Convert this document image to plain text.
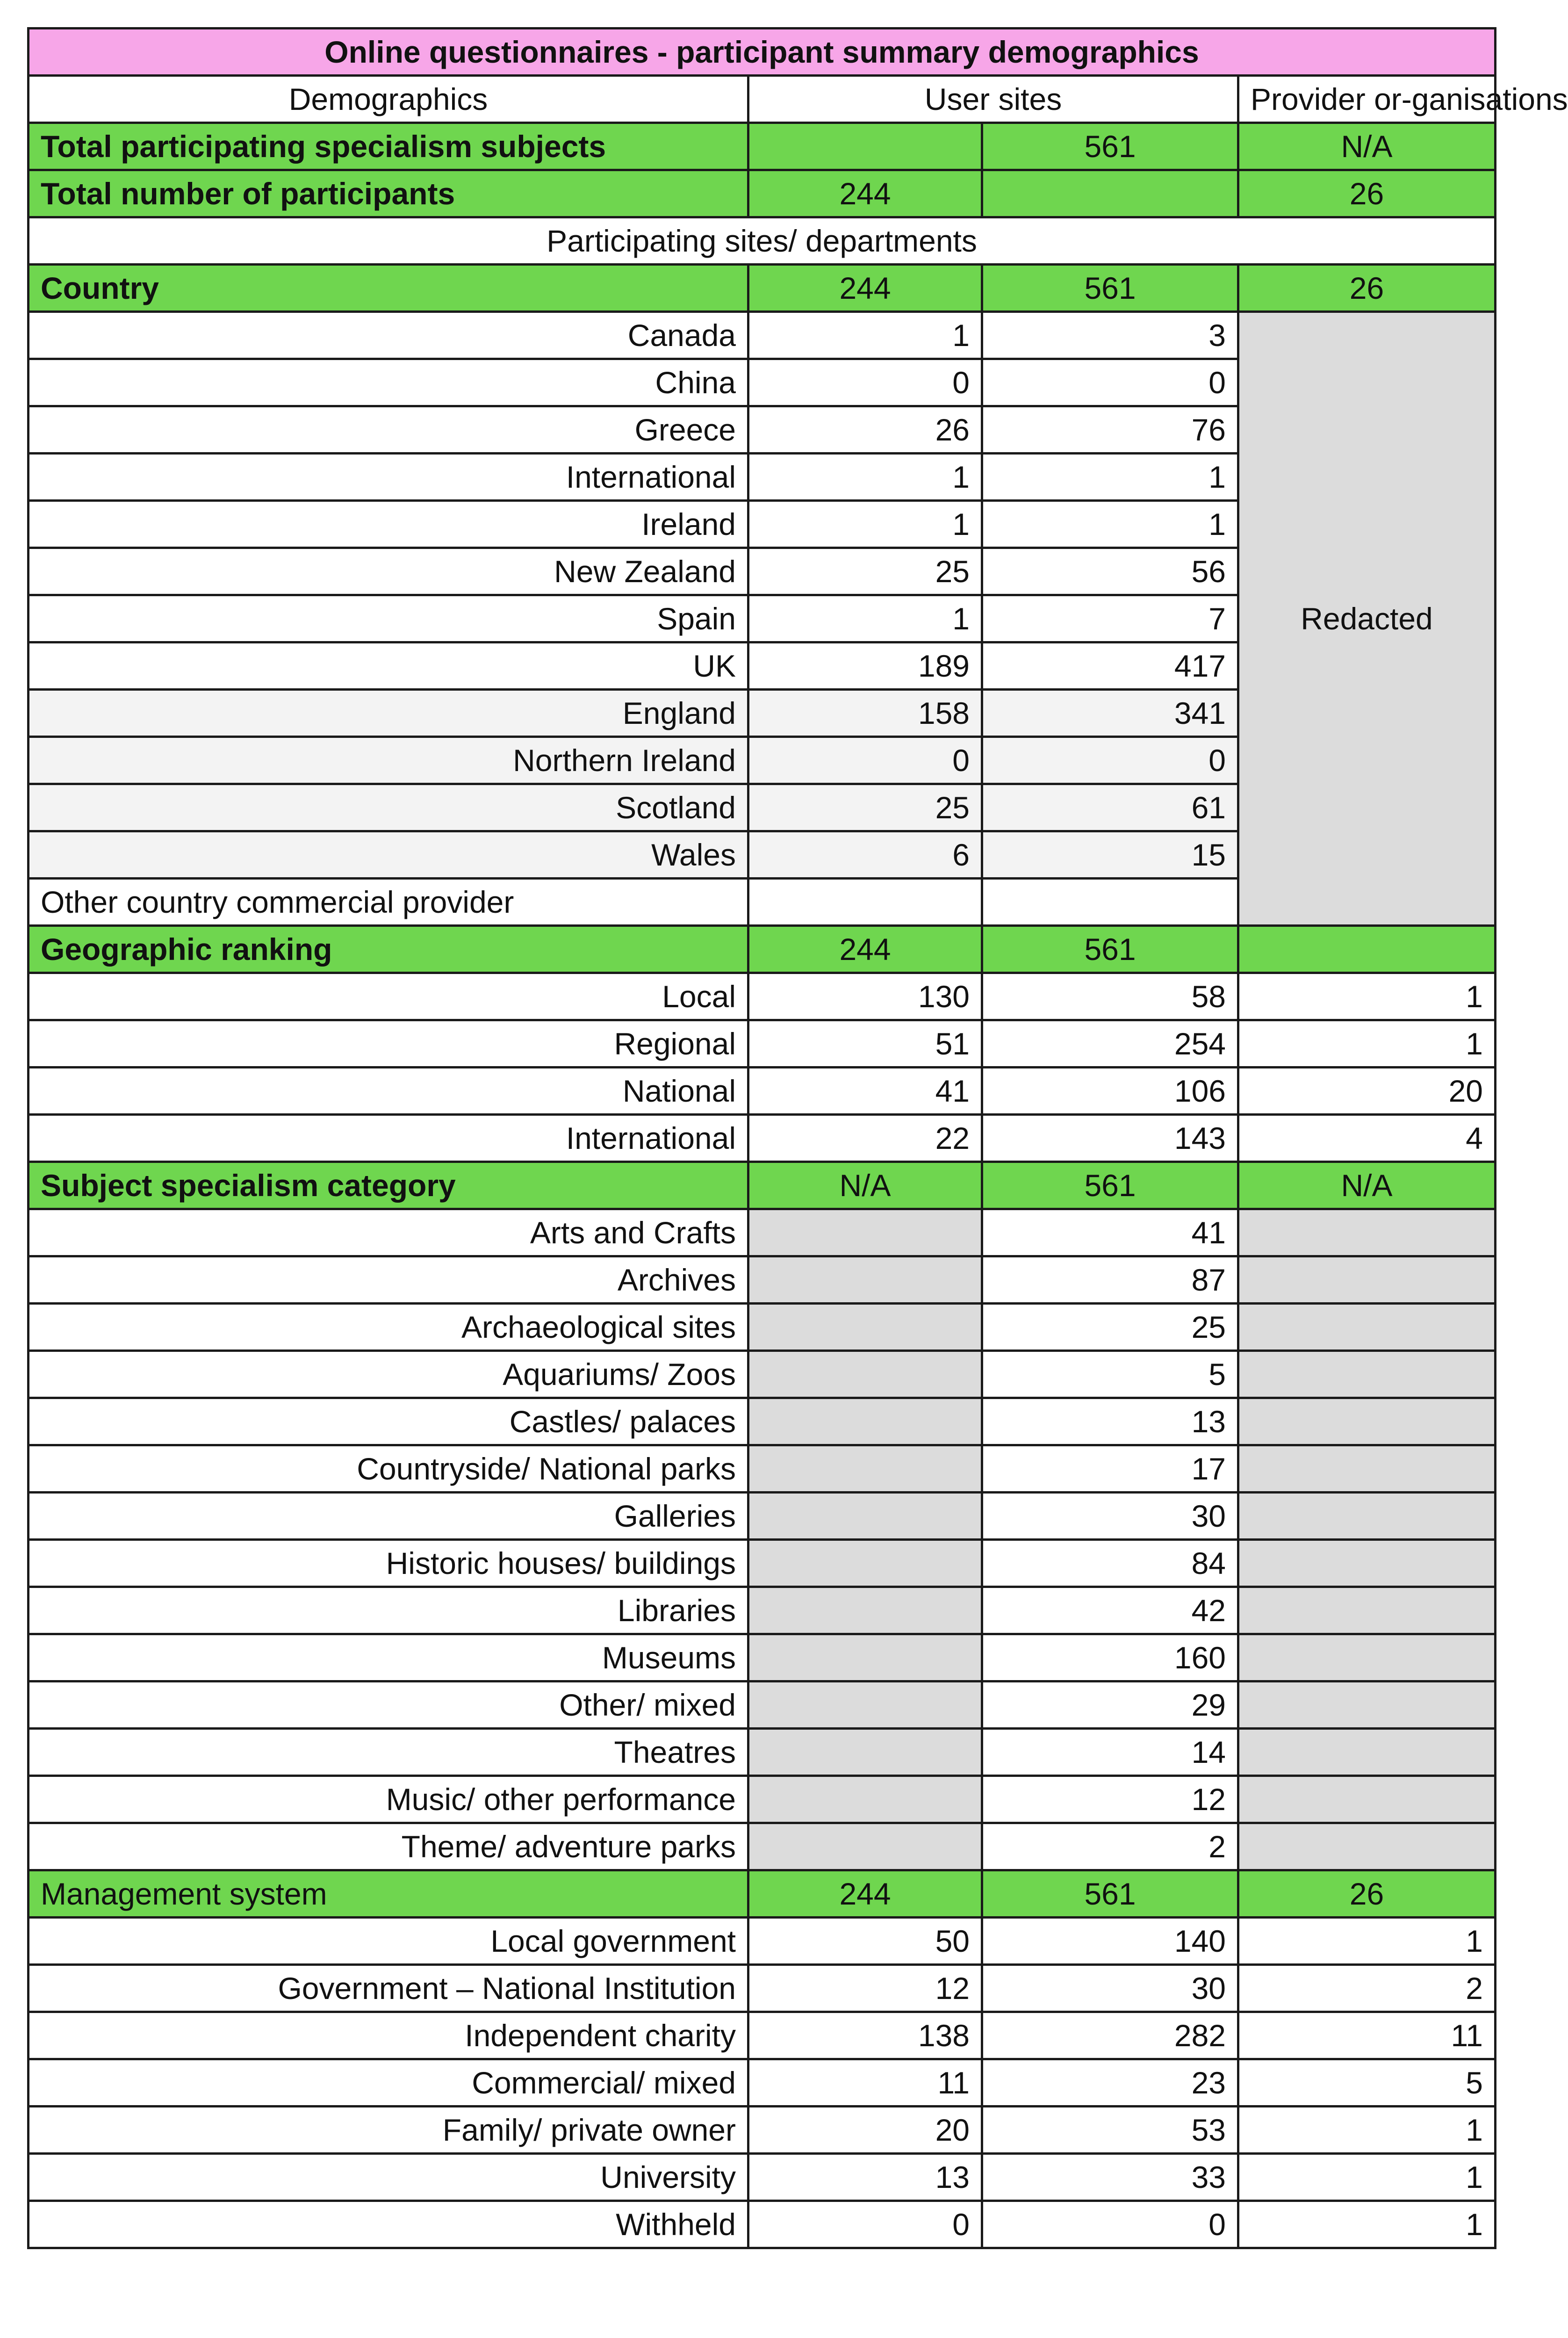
Online questionnaires - participant summary demographics			
Demographics	User sites		Provider or-ganisations
Total participating specialism subjects		561	N/A
Total number of participants	244		26
Participating sites/ departments			
Country	244	561	26
Canada	1	3	Redacted
China	0	0	
Greece	26	76	
International	1	1	
Ireland	1	1	
New Zealand	25	56	
Spain	1	7	
UK	189	417	
England	158	341	
Northern Ireland	0	0	
Scotland	25	61	
Wales	6	15	
Other country commercial provider			
Geographic ranking	244	561	
Local	130	58	1
Regional	51	254	1
National	41	106	20
International	22	143	4
Subject specialism category	N/A	561	N/A
Arts and Crafts		41	
Archives		87	
Archaeological sites		25	
Aquariums/ Zoos		5	
Castles/ palaces		13	
Countryside/ National parks		17	
Galleries		30	
Historic houses/ buildings		84	
Libraries		42	
Museums		160	
Other/ mixed		29	
Theatres		14	
Music/ other performance		12	
Theme/ adventure parks		2	
Management system	244	561	26
Local government	50	140	1
Government – National Institution	12	30	2
Independent charity	138	282	11
Commercial/ mixed	11	23	5
Family/ private owner	20	53	1
University	13	33	1
Withheld	0	0	1
